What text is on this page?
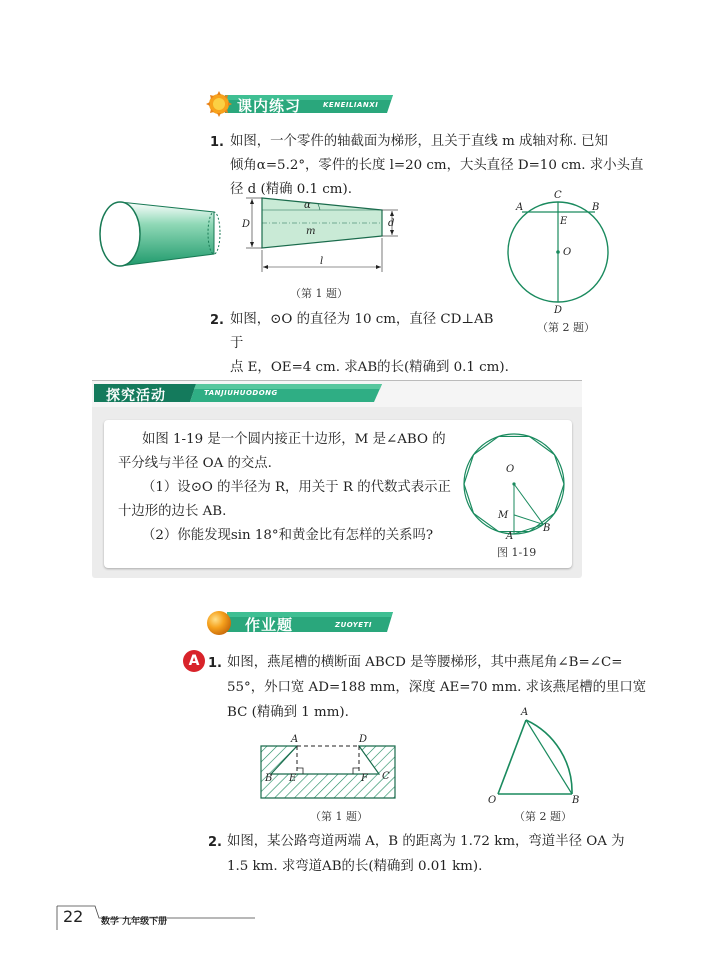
课内练习	KENEILIANXI
1. 如图，一个零件的轴截面为梯形，且关于直线 m 成轴对称. 已知
倾角α=5.2°，零件的长度 l=20 cm，大头直径 D=10 cm. 求小头直
径 d (精确 0.1 cm).
α
D
m
d
l
（第 1 题）
C
A	B
E
O
D
（第 2 题）
2. 如图，⊙O 的直径为 10 cm，直径 CD⊥AB 于
点 E，OE=4 cm. 求AB的长(精确到 0.1 cm).
探究活动	TANJIUHUODONG
如图 1-19 是一个圆内接正十边形，M 是∠ABO 的
平分线与半径 OA 的交点.
（1）设⊙O 的半径为 R，用关于 R 的代数式表示正
十边形的边长 AB.
（2）你能发现sin 18°和黄金比有怎样的关系吗?
O
M
A
B
图 1-19
作业题	ZUOYETI
A 1. 如图，燕尾槽的横断面 ABCD 是等腰梯形，其中燕尾角∠B=∠C=
55°，外口宽 AD=188 mm，深度 AE=70 mm. 求该燕尾槽的里口宽
BC (精确到 1 mm).
A	D
B E	F C
（第 1 题）
A
O	B
（第 2 题）
2. 如图，某公路弯道两端 A，B 的距离为 1.72 km，弯道半径 OA 为
1.5 km. 求弯道AB的长(精确到 0.01 km).
22 数学 九年级下册
